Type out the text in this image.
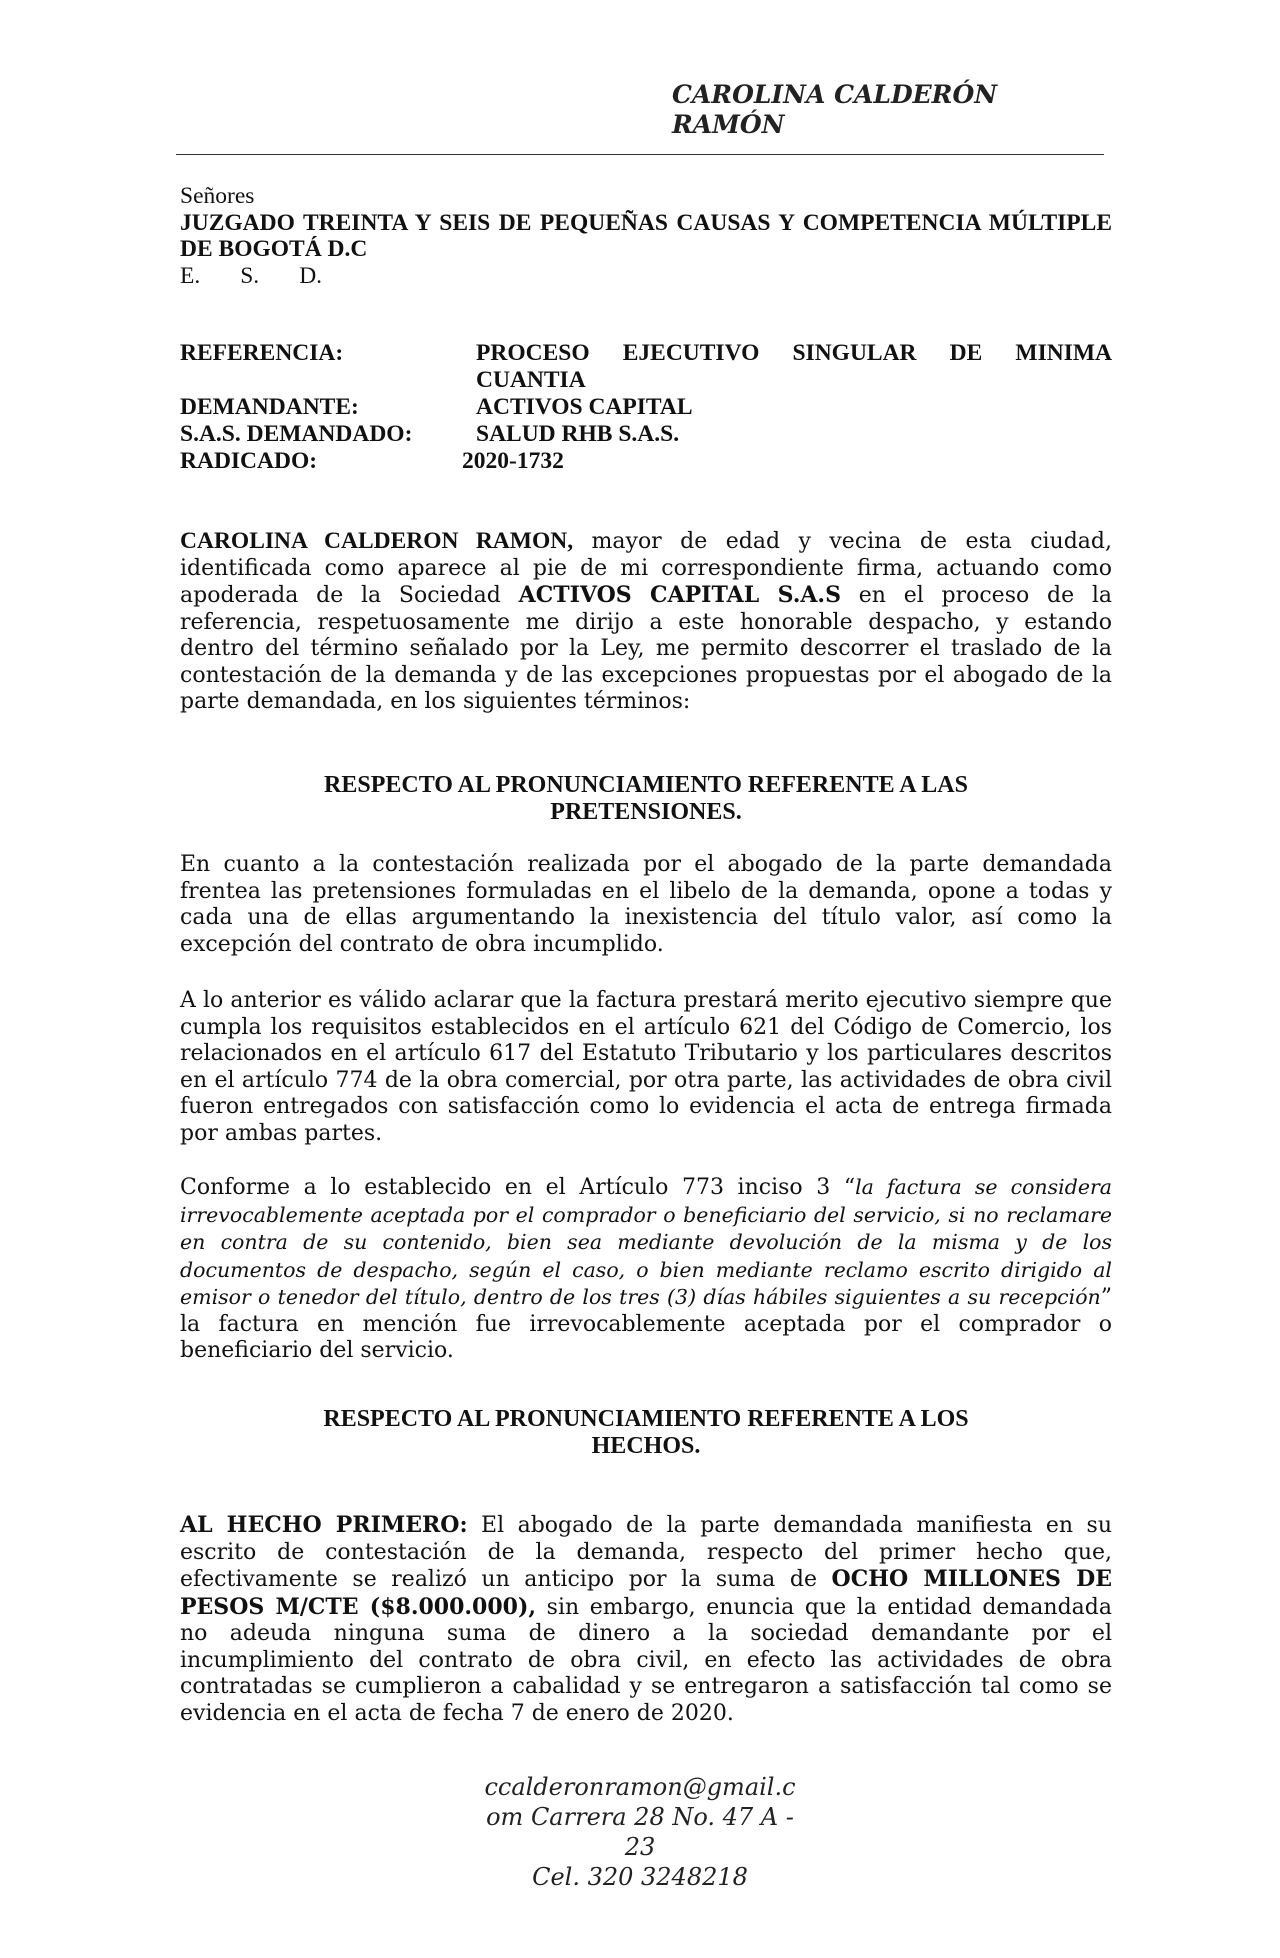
CAROLINA CALDERÓN
RAMÓN
Señores
JUZGADO TREINTA Y SEIS DE PEQUEÑAS CAUSAS Y COMPETENCIA MÚLTIPLE DE BOGOTÁ D.C
E. S. D.
REFERENCIA:	PROCESO EJECUTIVO SINGULAR DE MINIMA
CUANTIA
DEMANDANTE:	ACTIVOS CAPITAL
S.A.S. DEMANDADO:	SALUD RHB S.A.S.
RADICADO:	2020-1732
CAROLINA CALDERON RAMON, mayor de edad y vecina de esta ciudad, identificada como aparece al pie de mi correspondiente firma, actuando como apoderada de la Sociedad ACTIVOS CAPITAL S.A.S en el proceso de la referencia, respetuosamente me dirijo a este honorable despacho, y estando dentro del término señalado por la Ley, me permito descorrer el traslado de la contestación de la demanda y de las excepciones propuestas por el abogado de la parte demandada, en los siguientes términos:
RESPECTO AL PRONUNCIAMIENTO REFERENTE A LAS
PRETENSIONES.
En cuanto a la contestación realizada por el abogado de la parte demandada frentea las pretensiones formuladas en el libelo de la demanda, opone a todas y cada una de ellas argumentando la inexistencia del título valor, así como la excepción del contrato de obra incumplido.
A lo anterior es válido aclarar que la factura prestará merito ejecutivo siempre que cumpla los requisitos establecidos en el artículo 621 del Código de Comercio, los relacionados en el artículo 617 del Estatuto Tributario y los particulares descritos en el artículo 774 de la obra comercial, por otra parte, las actividades de obra civil fueron entregados con satisfacción como lo evidencia el acta de entrega firmada por ambas partes.
Conforme a lo establecido en el Artículo 773 inciso 3 “la factura se considera irrevocablemente aceptada por el comprador o beneficiario del servicio, si no reclamare en contra de su contenido, bien sea mediante devolución de la misma y de los documentos de despacho, según el caso, o bien mediante reclamo escrito dirigido al emisor o tenedor del título, dentro de los tres (3) días hábiles siguientes a su recepción” la factura en mención fue irrevocablemente aceptada por el comprador o beneficiario del servicio.
RESPECTO AL PRONUNCIAMIENTO REFERENTE A LOS
HECHOS.
AL HECHO PRIMERO: El abogado de la parte demandada manifiesta en su escrito de contestación de la demanda, respecto del primer hecho que, efectivamente se realizó un anticipo por la suma de OCHO MILLONES DE PESOS M/CTE ($8.000.000), sin embargo, enuncia que la entidad demandada no adeuda ninguna suma de dinero a la sociedad demandante por el incumplimiento del contrato de obra civil, en efecto las actividades de obra contratadas se cumplieron a cabalidad y se entregaron a satisfacción tal como se evidencia en el acta de fecha 7 de enero de 2020.
ccalderonramon@gmail.c
om Carrera 28 No. 47 A -
23
Cel. 320 3248218
